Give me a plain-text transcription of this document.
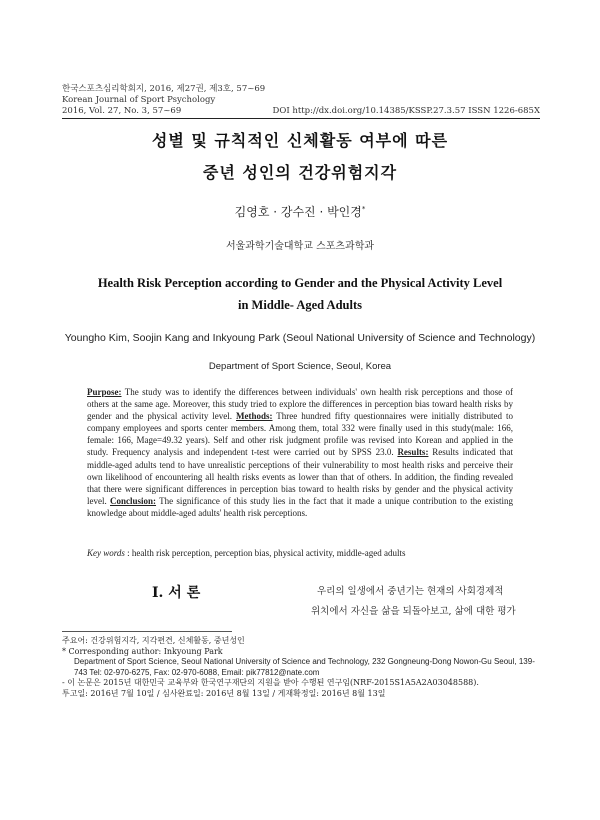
한국스포츠심리학회지, 2016, 제27권, 제3호, 57~69
Korean Journal of Sport Psychology
2016, Vol. 27, No. 3, 57~69	DOI http://dx.doi.org/10.14385/KSSP.27.3.57 ISSN 1226-685X
성별 및 규칙적인 신체활동 여부에 따른
중년 성인의 건강위험지각
김영호 · 강수진 · 박인경*
서울과학기술대학교 스포츠과학과
Health Risk Perception according to Gender and the Physical Activity Level
in Middle- Aged Adults
Youngho Kim, Soojin Kang and Inkyoung Park (Seoul National University of Science and Technology)
Department of Sport Science, Seoul, Korea
Purpose: The study was to identify the differences between individuals' own health risk perceptions and those of others at the same age. Moreover, this study tried to explore the differences in perception bias toward health risks by gender and the physical activity level. Methods: Three hundred fifty questionnaires were initially distributed to company employees and sports center members. Among them, total 332 were finally used in this study(male: 166, female: 166, Mage=49.32 years). Self and other risk judgment profile was revised into Korean and applied in the study. Frequency analysis and independent t-test were carried out by SPSS 23.0. Results: Results indicated that middle-aged adults tend to have unrealistic perceptions of their vulnerability to most health risks and perceive their own likelihood of encountering all health risks events as lower than that of others. In addition, the finding revealed that there were significant differences in perception bias toward to health risks by gender and the physical activity level. Conclusion: The significance of this study lies in the fact that it made a unique contribution to the existing knowledge about middle-aged adults' health risk perceptions.
Key words : health risk perception, perception bias, physical activity, middle-aged adults
I. 서 론	우리의 일생에서 중년기는 현재의 사회경제적
위치에서 자신을 삶을 되돌아보고, 삶에 대한 평가
주요어: 건강위험지각, 지각편견, 신체활동, 중년성인
* Corresponding author: Inkyoung Park
Department of Sport Science, Seoul National University of Science and Technology, 232 Gongneung-Dong Nowon-Gu Seoul, 139-743 Tel: 02-970-6275, Fax: 02-970-6088, Email: pik77812@nate.com
- 이 논문은 2015년 대한민국 교육부와 한국연구재단의 지원을 받아 수행된 연구임(NRF-2015S1A5A2A03048588).
투고일: 2016년 7월 10일 / 심사완료일: 2016년 8월 13일 / 게재확정일: 2016년 8월 13일
